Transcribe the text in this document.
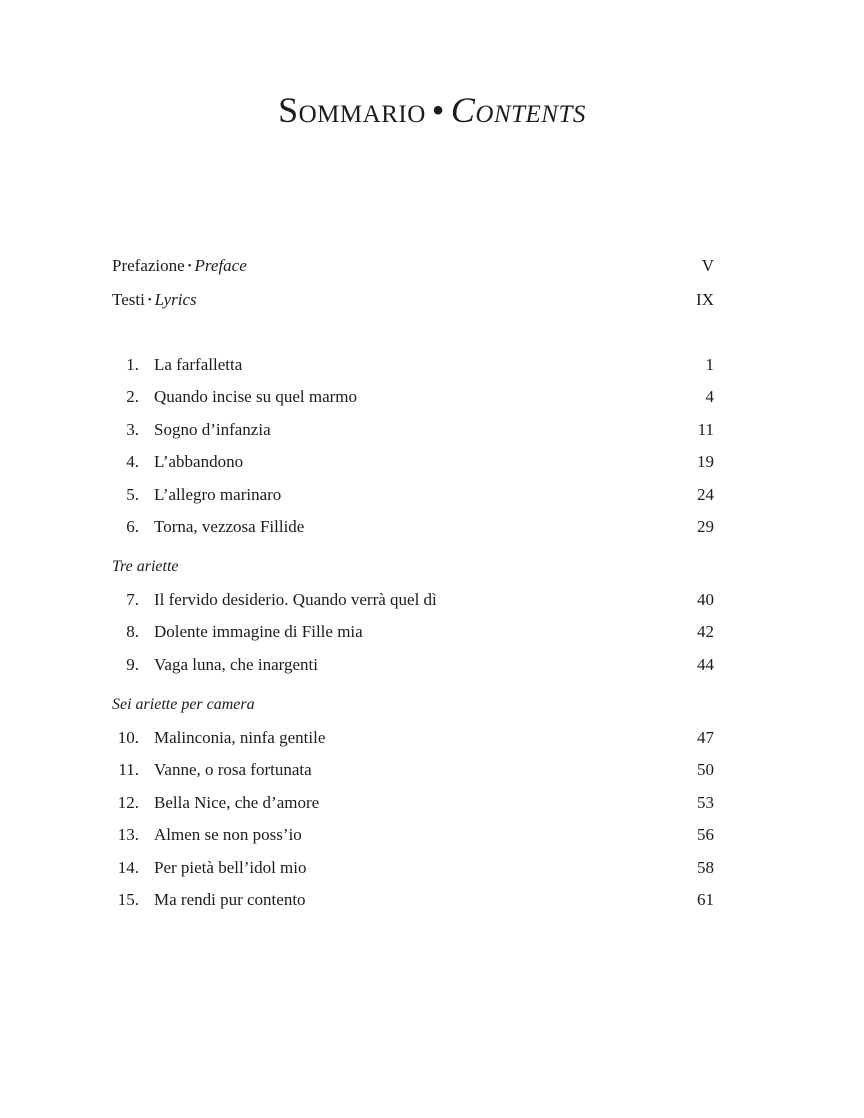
Sommario • Contents
Prefazione • Preface	V
Testi • Lyrics	IX
1. La farfalletta	1
2. Quando incise su quel marmo	4
3. Sogno d’infanzia	11
4. L’abbandono	19
5. L’allegro marinaro	24
6. Torna, vezzosa Fillide	29
Tre ariette
7. Il fervido desiderio. Quando verrà quel dì	40
8. Dolente immagine di Fille mia	42
9. Vaga luna, che inargenti	44
Sei ariette per camera
10. Malinconia, ninfa gentile	47
11. Vanne, o rosa fortunata	50
12. Bella Nice, che d’amore	53
13. Almen se non poss’io	56
14. Per pietà bell’idol mio	58
15. Ma rendi pur contento	61
